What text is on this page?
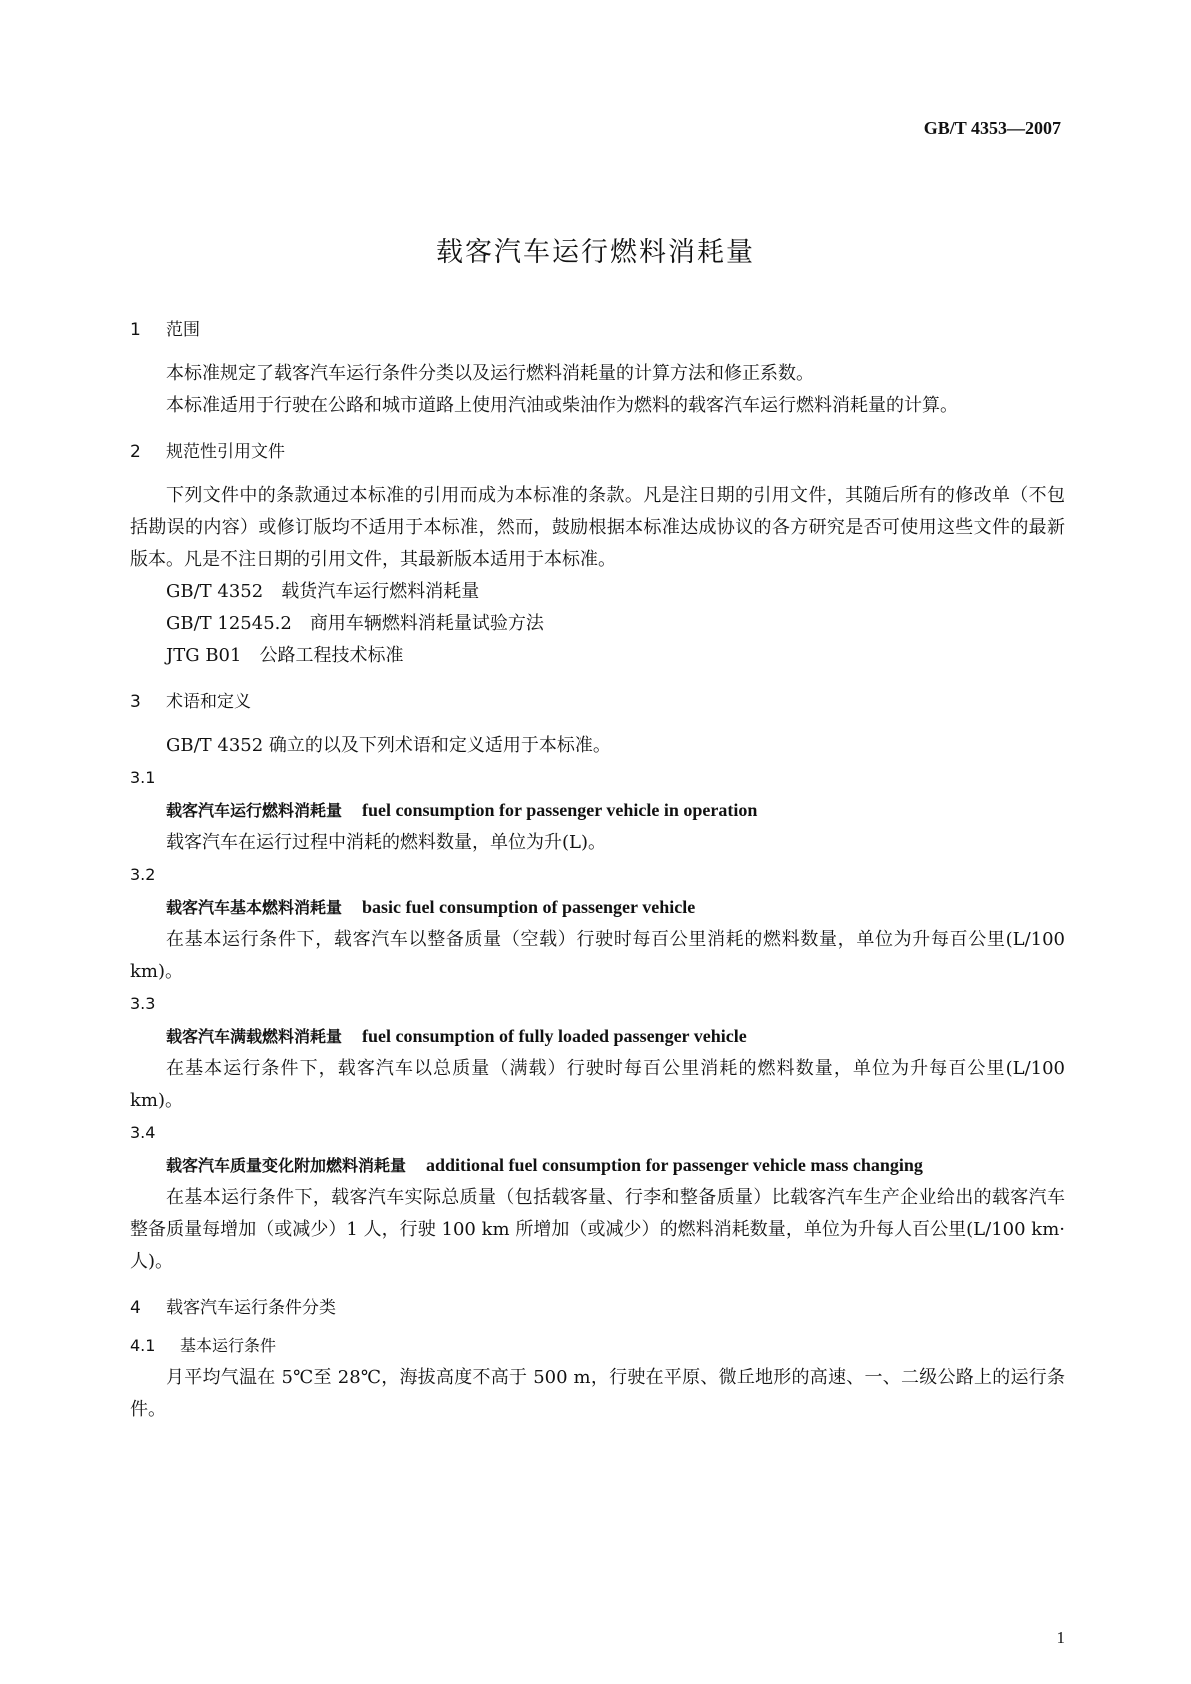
GB/T 4353—2007
载客汽车运行燃料消耗量
1 范围

本标准规定了载客汽车运行条件分类以及运行燃料消耗量的计算方法和修正系数。

本标准适用于行驶在公路和城市道路上使用汽油或柴油作为燃料的载客汽车运行燃料消耗量的计算。

2 规范性引用文件

下列文件中的条款通过本标准的引用而成为本标准的条款。凡是注日期的引用文件，其随后所有的修改单（不包括勘误的内容）或修订版均不适用于本标准，然而，鼓励根据本标准达成协议的各方研究是否可使用这些文件的最新版本。凡是不注日期的引用文件，其最新版本适用于本标准。

GB/T 4352 载货汽车运行燃料消耗量

GB/T 12545.2 商用车辆燃料消耗量试验方法

JTG B01 公路工程技术标准

3 术语和定义

GB/T 4352 确立的以及下列术语和定义适用于本标准。

3.1

载客汽车运行燃料消耗量 fuel consumption for passenger vehicle in operation

载客汽车在运行过程中消耗的燃料数量，单位为升(L)。

3.2

载客汽车基本燃料消耗量 basic fuel consumption of passenger vehicle

在基本运行条件下，载客汽车以整备质量（空载）行驶时每百公里消耗的燃料数量，单位为升每百公里(L/100 km)。

3.3

载客汽车满载燃料消耗量 fuel consumption of fully loaded passenger vehicle

在基本运行条件下，载客汽车以总质量（满载）行驶时每百公里消耗的燃料数量，单位为升每百公里(L/100 km)。

3.4

载客汽车质量变化附加燃料消耗量 additional fuel consumption for passenger vehicle mass changing

在基本运行条件下，载客汽车实际总质量（包括载客量、行李和整备质量）比载客汽车生产企业给出的载客汽车整备质量每增加（或减少）1 人，行驶 100 km 所增加（或减少）的燃料消耗数量，单位为升每人百公里(L/100 km·人)。

4 载客汽车运行条件分类
4.1 基本运行条件

月平均气温在 5℃至 28℃，海拔高度不高于 500 m，行驶在平原、微丘地形的高速、一、二级公路上的运行条件。

1
